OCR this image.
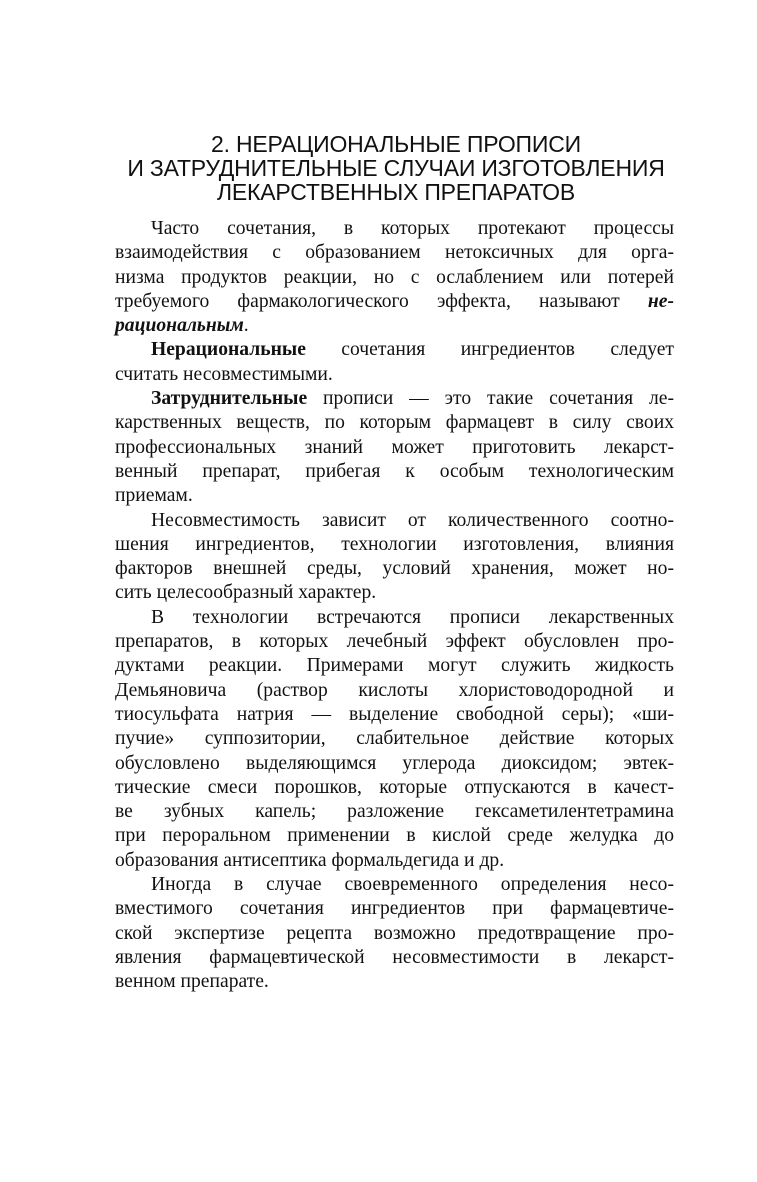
2. НЕРАЦИОНАЛЬНЫЕ ПРОПИСИ
И ЗАТРУДНИТЕЛЬНЫЕ СЛУЧАИ ИЗГОТОВЛЕНИЯ
ЛЕКАРСТВЕННЫХ ПРЕПАРАТОВ
Часто сочетания, в которых протекают процессы
взаимодействия с образованием нетоксичных для орга-
низма продуктов реакции, но с ослаблением или потерей
требуемого фармакологического эффекта, называют не-
рациональным.
Нерациональные сочетания ингредиентов следует
считать несовместимыми.
Затруднительные прописи — это такие сочетания ле-
карственных веществ, по которым фармацевт в силу своих
профессиональных знаний может приготовить лекарст-
венный препарат, прибегая к особым технологическим
приемам.
Несовместимость зависит от количественного соотно-
шения ингредиентов, технологии изготовления, влияния
факторов внешней среды, условий хранения, может но-
сить целесообразный характер.
В технологии встречаются прописи лекарственных
препаратов, в которых лечебный эффект обусловлен про-
дуктами реакции. Примерами могут служить жидкость
Демьяновича (раствор кислоты хлористоводородной и
тиосульфата натрия — выделение свободной серы); «ши-
пучие» суппозитории, слабительное действие которых
обусловлено выделяющимся углерода диоксидом; эвтек-
тические смеси порошков, которые отпускаются в качест-
ве зубных капель; разложение гексаметилентетрамина
при пероральном применении в кислой среде желудка до
образования антисептика формальдегида и др.
Иногда в случае своевременного определения несо-
вместимого сочетания ингредиентов при фармацевтиче-
ской экспертизе рецепта возможно предотвращение про-
явления фармацевтической несовместимости в лекарст-
венном препарате.
